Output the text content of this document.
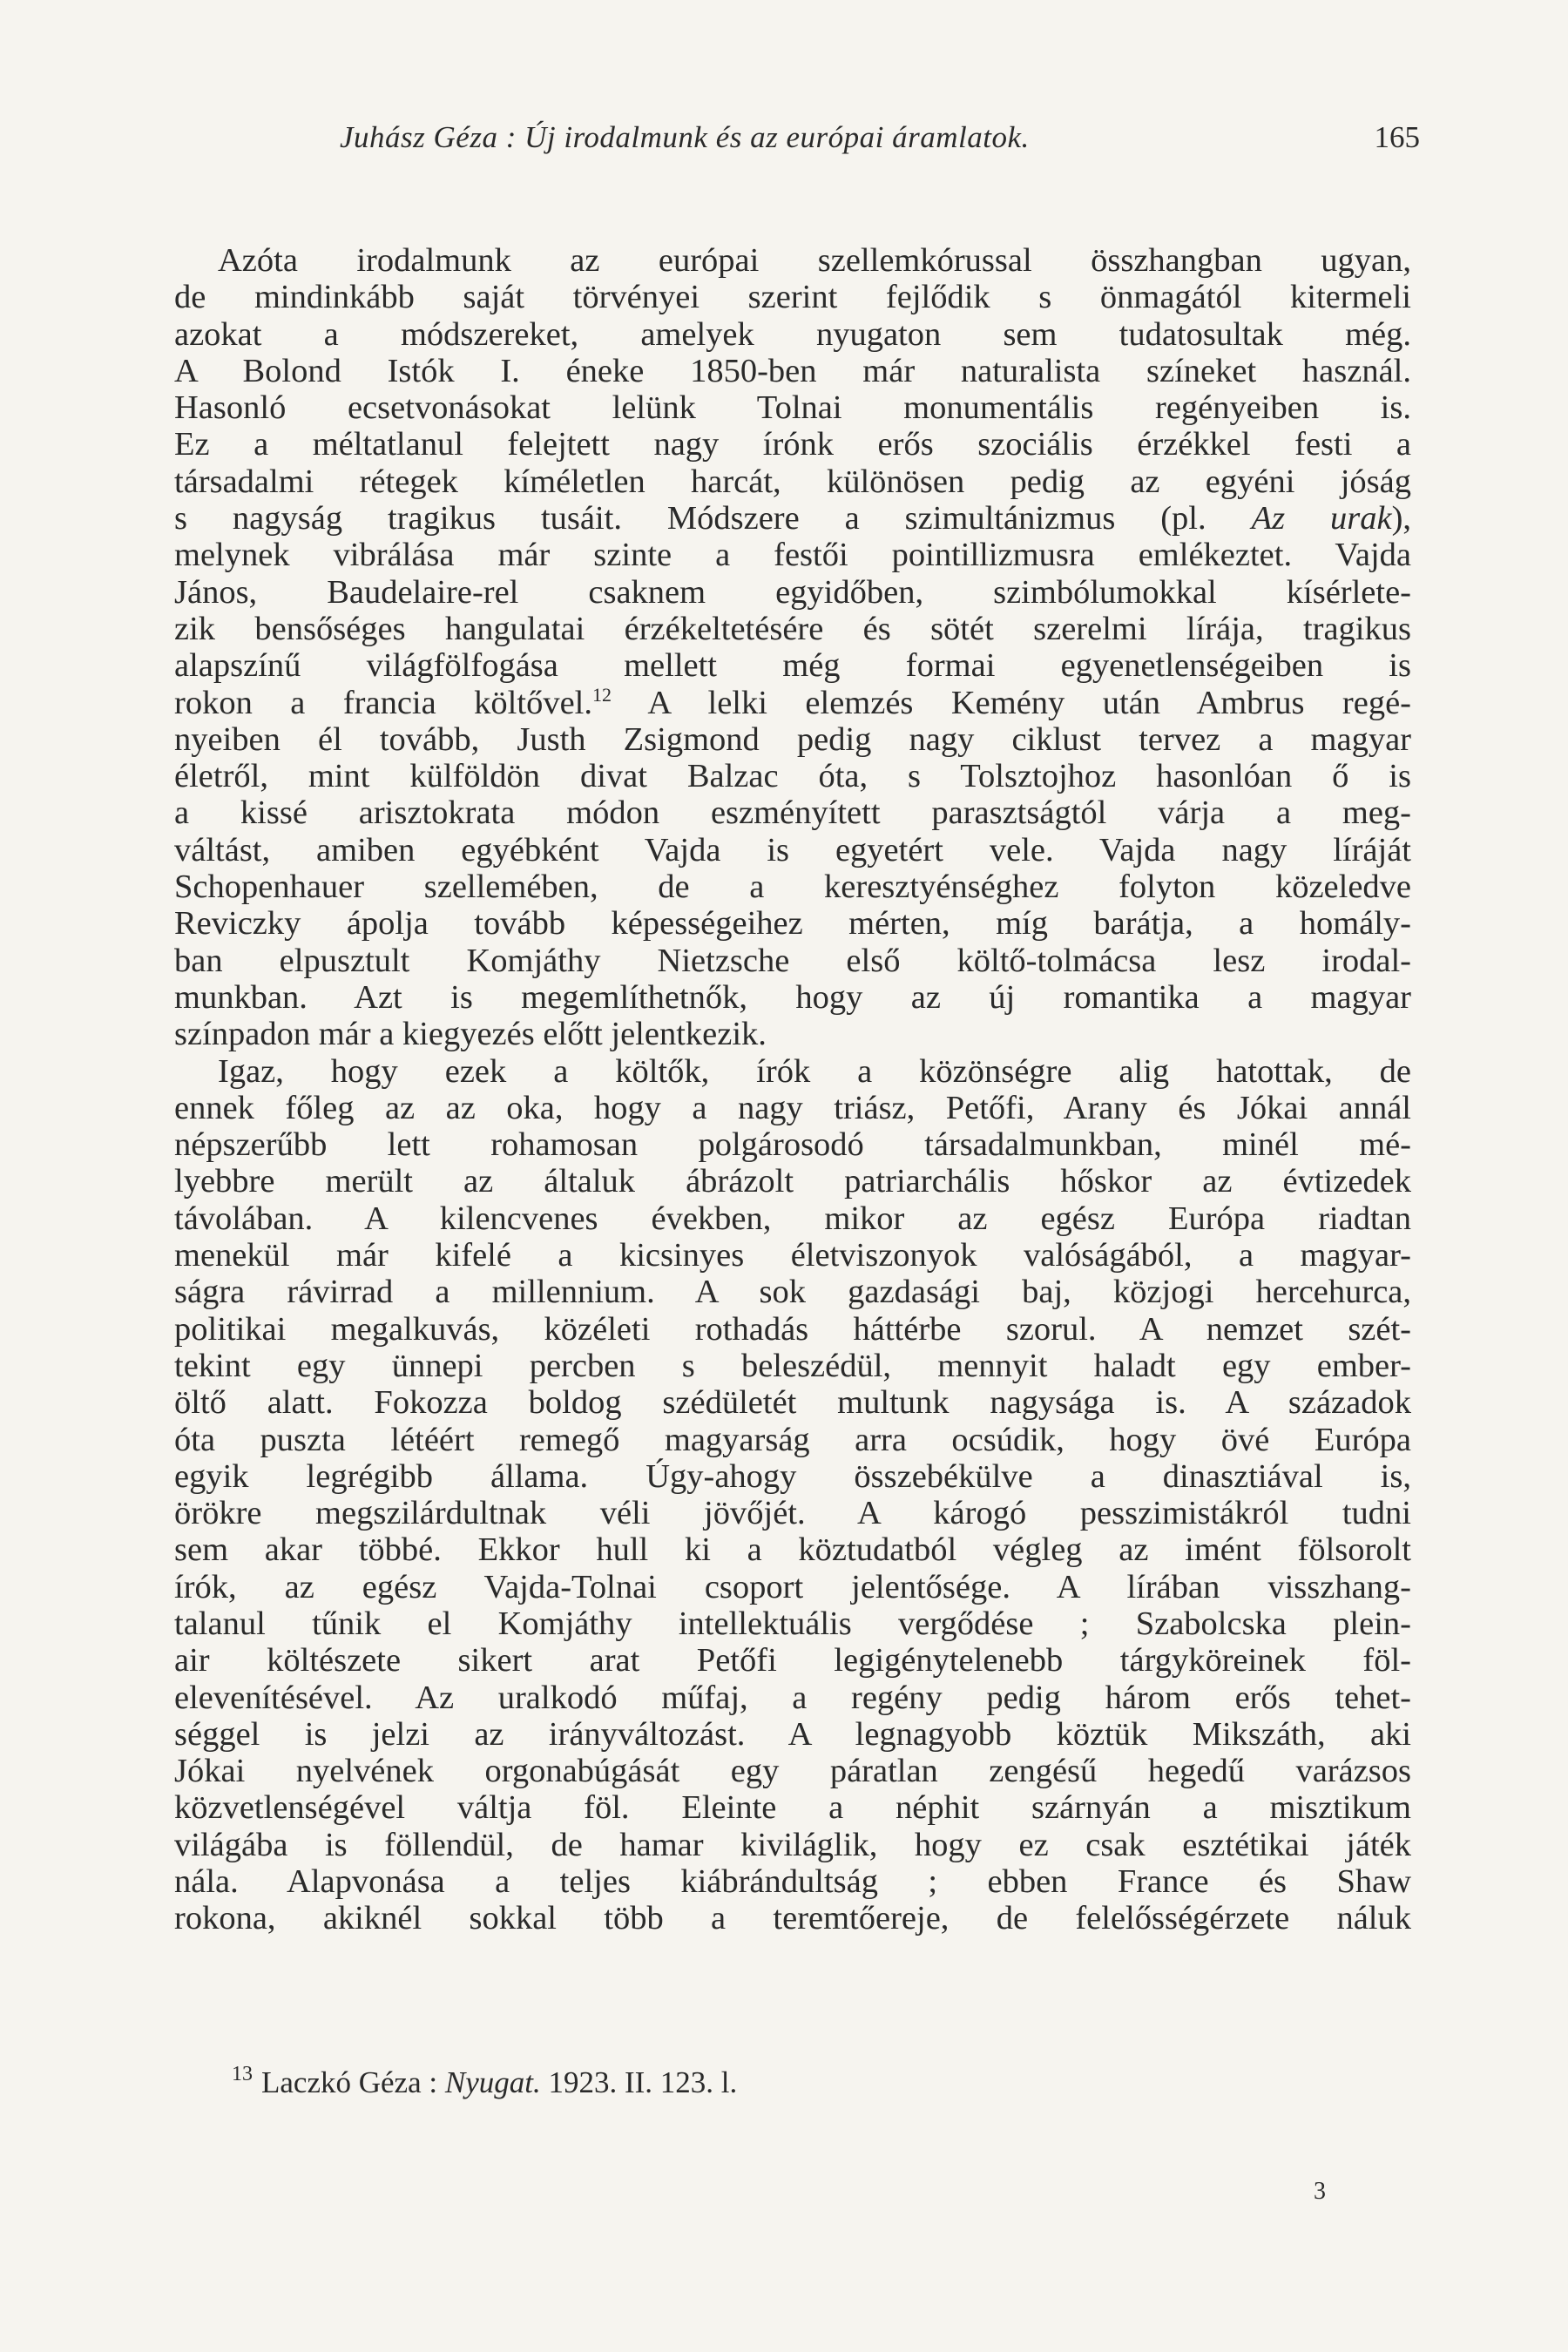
Juhász Géza : Új irodalmunk és az európai áramlatok.	165
Azóta irodalmunk az európai szellemkórussal összhangban ugyan,
de mindinkább saját törvényei szerint fejlődik s önmagától kitermeli
azokat a módszereket, amelyek nyugaton sem tudatosultak még.
A Bolond Istók I. éneke 1850-ben már naturalista színeket használ.
Hasonló ecsetvonásokat lelünk Tolnai monumentális regényeiben is.
Ez a méltatlanul felejtett nagy írónk erős szociális érzékkel festi a
társadalmi rétegek kíméletlen harcát, különösen pedig az egyéni jóság
s nagyság tragikus tusáit. Módszere a szimultánizmus (pl. Az urak),
melynek vibrálása már szinte a festői pointillizmusra emlékeztet. Vajda
János, Baudelaire-rel csaknem egyidőben, szimbólumokkal kísérlete-
zik bensőséges hangulatai érzékeltetésére és sötét szerelmi lírája, tragikus
alapszínű világfölfogása mellett még formai egyenetlenségeiben is
rokon a francia költővel.$^{12}$ A lelki elemzés Kemény után Ambrus regé-
nyeiben él tovább, Justh Zsigmond pedig nagy ciklust tervez a magyar
életről, mint külföldön divat Balzac óta, s Tolsztojhoz hasonlóan ő is
a kissé arisztokrata módon eszményített parasztságtól várja a meg-
váltást, amiben egyébként Vajda is egyetért vele. Vajda nagy líráját
Schopenhauer szellemében, de a keresztyénséghez folyton közeledve
Reviczky ápolja tovább képességeihez mérten, míg barátja, a homály-
ban elpusztult Komjáthy Nietzsche első költő-tolmácsa lesz irodal-
munkban. Azt is megemlíthetnők, hogy az új romantika a magyar
színpadon már a kiegyezés előtt jelentkezik.
Igaz, hogy ezek a költők, írók a közönségre alig hatottak, de
ennek főleg az az oka, hogy a nagy triász, Petőfi, Arany és Jókai annál
népszerűbb lett rohamosan polgárosodó társadalmunkban, minél mé-
lyebbre merült az általuk ábrázolt patriarchális hőskor az évtizedek
távolában. A kilencvenes években, mikor az egész Európa riadtan
menekül már kifelé a kicsinyes életviszonyok valóságából, a magyar-
ságra rávirrad a millennium. A sok gazdasági baj, közjogi hercehurca,
politikai megalkuvás, közéleti rothadás háttérbe szorul. A nemzet szét-
tekint egy ünnepi percben s beleszédül, mennyit haladt egy ember-
öltő alatt. Fokozza boldog szédületét multunk nagysága is. A századok
óta puszta létéért remegő magyarság arra ocsúdik, hogy övé Európa
egyik legrégibb állama. Úgy-ahogy összebékülve a dinasztiával is,
örökre megszilárdultnak véli jövőjét. A károgó pesszimistákról tudni
sem akar többé. Ekkor hull ki a köztudatból végleg az imént fölsorolt
írók, az egész Vajda-Tolnai csoport jelentősége. A lírában visszhang-
talanul tűnik el Komjáthy intellektuális vergődése ; Szabolcska plein-
air költészete sikert arat Petőfi legigénytelenebb tárgyköreinek föl-
elevenítésével. Az uralkodó műfaj, a regény pedig három erős tehet-
séggel is jelzi az irányváltozást. A legnagyobb köztük Mikszáth, aki
Jókai nyelvének orgonabúgását egy páratlan zengésű hegedű varázsos
közvetlenségével váltja föl. Eleinte a néphit szárnyán a misztikum
világába is föllendül, de hamar kiviláglik, hogy ez csak esztétikai játék
nála. Alapvonása a teljes kiábrándultság ; ebben France és Shaw
rokona, akiknél sokkal több a teremtőereje, de felelősségérzete náluk
$^{13}$ Laczkó Géza : Nyugat. 1923. II. 123. l.
3
